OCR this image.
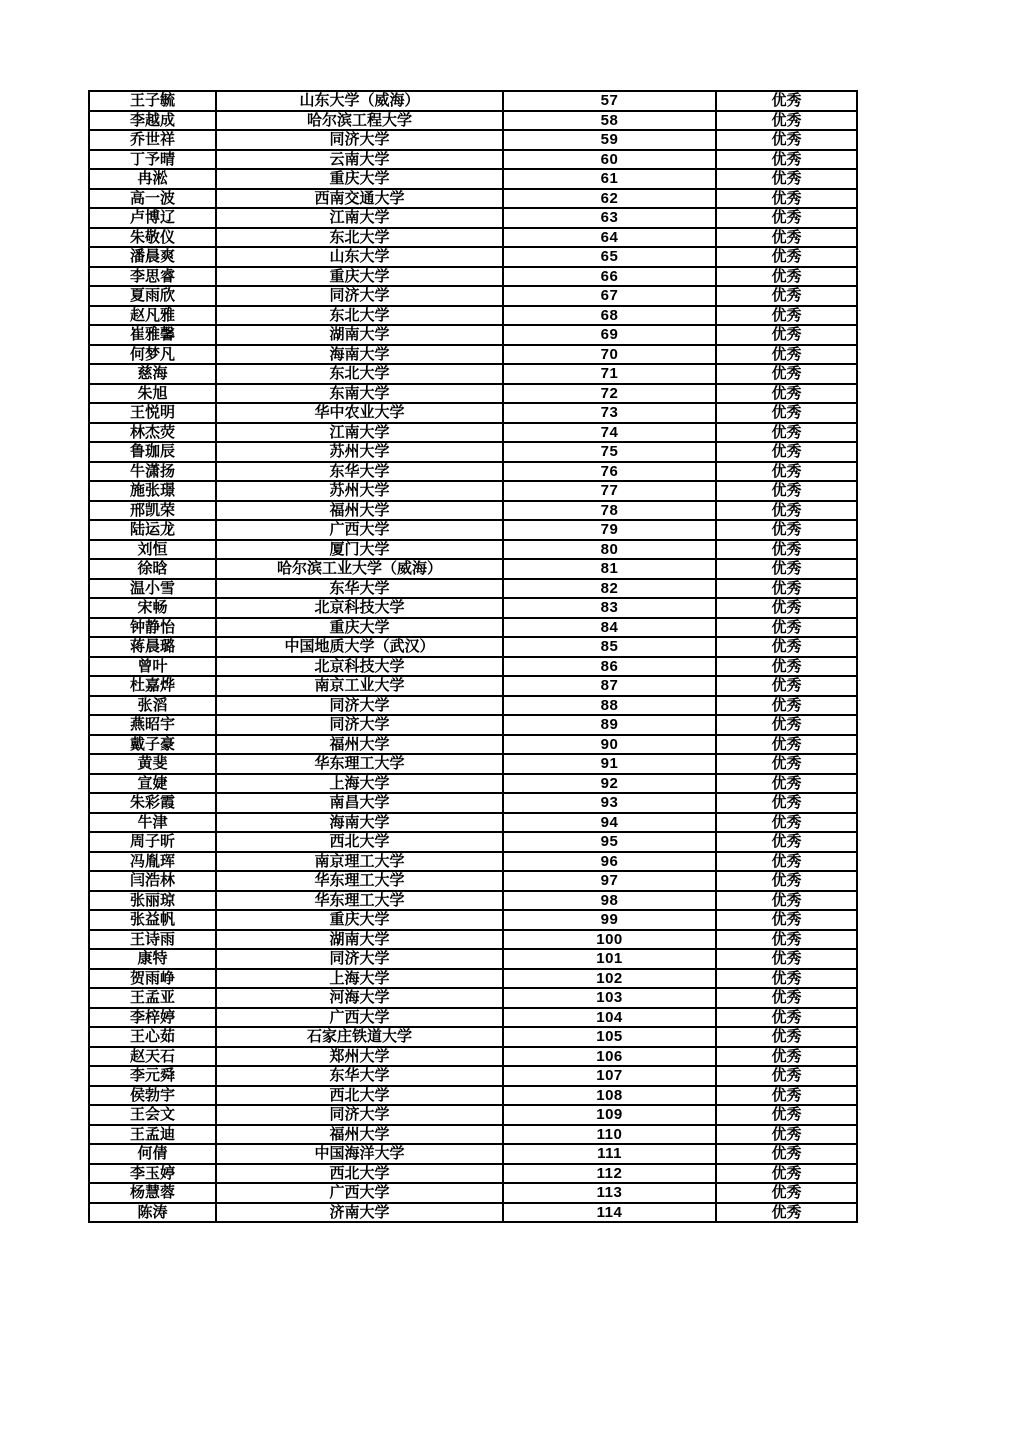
王子毓	山东大学（威海）	57	优秀
李越成	哈尔滨工程大学	58	优秀
乔世祥	同济大学	59	优秀
丁予晴	云南大学	60	优秀
冉淞	重庆大学	61	优秀
高一波	西南交通大学	62	优秀
卢博辽	江南大学	63	优秀
朱敬仪	东北大学	64	优秀
潘晨爽	山东大学	65	优秀
李思睿	重庆大学	66	优秀
夏雨欣	同济大学	67	优秀
赵凡雅	东北大学	68	优秀
崔雅馨	湖南大学	69	优秀
何梦凡	海南大学	70	优秀
慈海	东北大学	71	优秀
朱旭	东南大学	72	优秀
王悦明	华中农业大学	73	优秀
林杰荧	江南大学	74	优秀
鲁珈辰	苏州大学	75	优秀
牛潇扬	东华大学	76	优秀
施张璟	苏州大学	77	优秀
邢凯荣	福州大学	78	优秀
陆运龙	广西大学	79	优秀
刘恒	厦门大学	80	优秀
徐晗	哈尔滨工业大学（威海）	81	优秀
温小雪	东华大学	82	优秀
宋畅	北京科技大学	83	优秀
钟静怡	重庆大学	84	优秀
蒋晨璐	中国地质大学（武汉）	85	优秀
曾叶	北京科技大学	86	优秀
杜嘉烨	南京工业大学	87	优秀
张滔	同济大学	88	优秀
燕昭宇	同济大学	89	优秀
戴子豪	福州大学	90	优秀
黄斐	华东理工大学	91	优秀
宣婕	上海大学	92	优秀
朱彩霞	南昌大学	93	优秀
牛津	海南大学	94	优秀
周子昕	西北大学	95	优秀
冯胤珲	南京理工大学	96	优秀
闫浩林	华东理工大学	97	优秀
张丽琼	华东理工大学	98	优秀
张益帆	重庆大学	99	优秀
王诗雨	湖南大学	100	优秀
康特	同济大学	101	优秀
贺雨峥	上海大学	102	优秀
王孟亚	河海大学	103	优秀
李梓婷	广西大学	104	优秀
王心茹	石家庄铁道大学	105	优秀
赵天石	郑州大学	106	优秀
李元舜	东华大学	107	优秀
侯勃宇	西北大学	108	优秀
王会文	同济大学	109	优秀
王孟迪	福州大学	110	优秀
何倩	中国海洋大学	111	优秀
李玉婷	西北大学	112	优秀
杨慧蓉	广西大学	113	优秀
陈涛	济南大学	114	优秀
